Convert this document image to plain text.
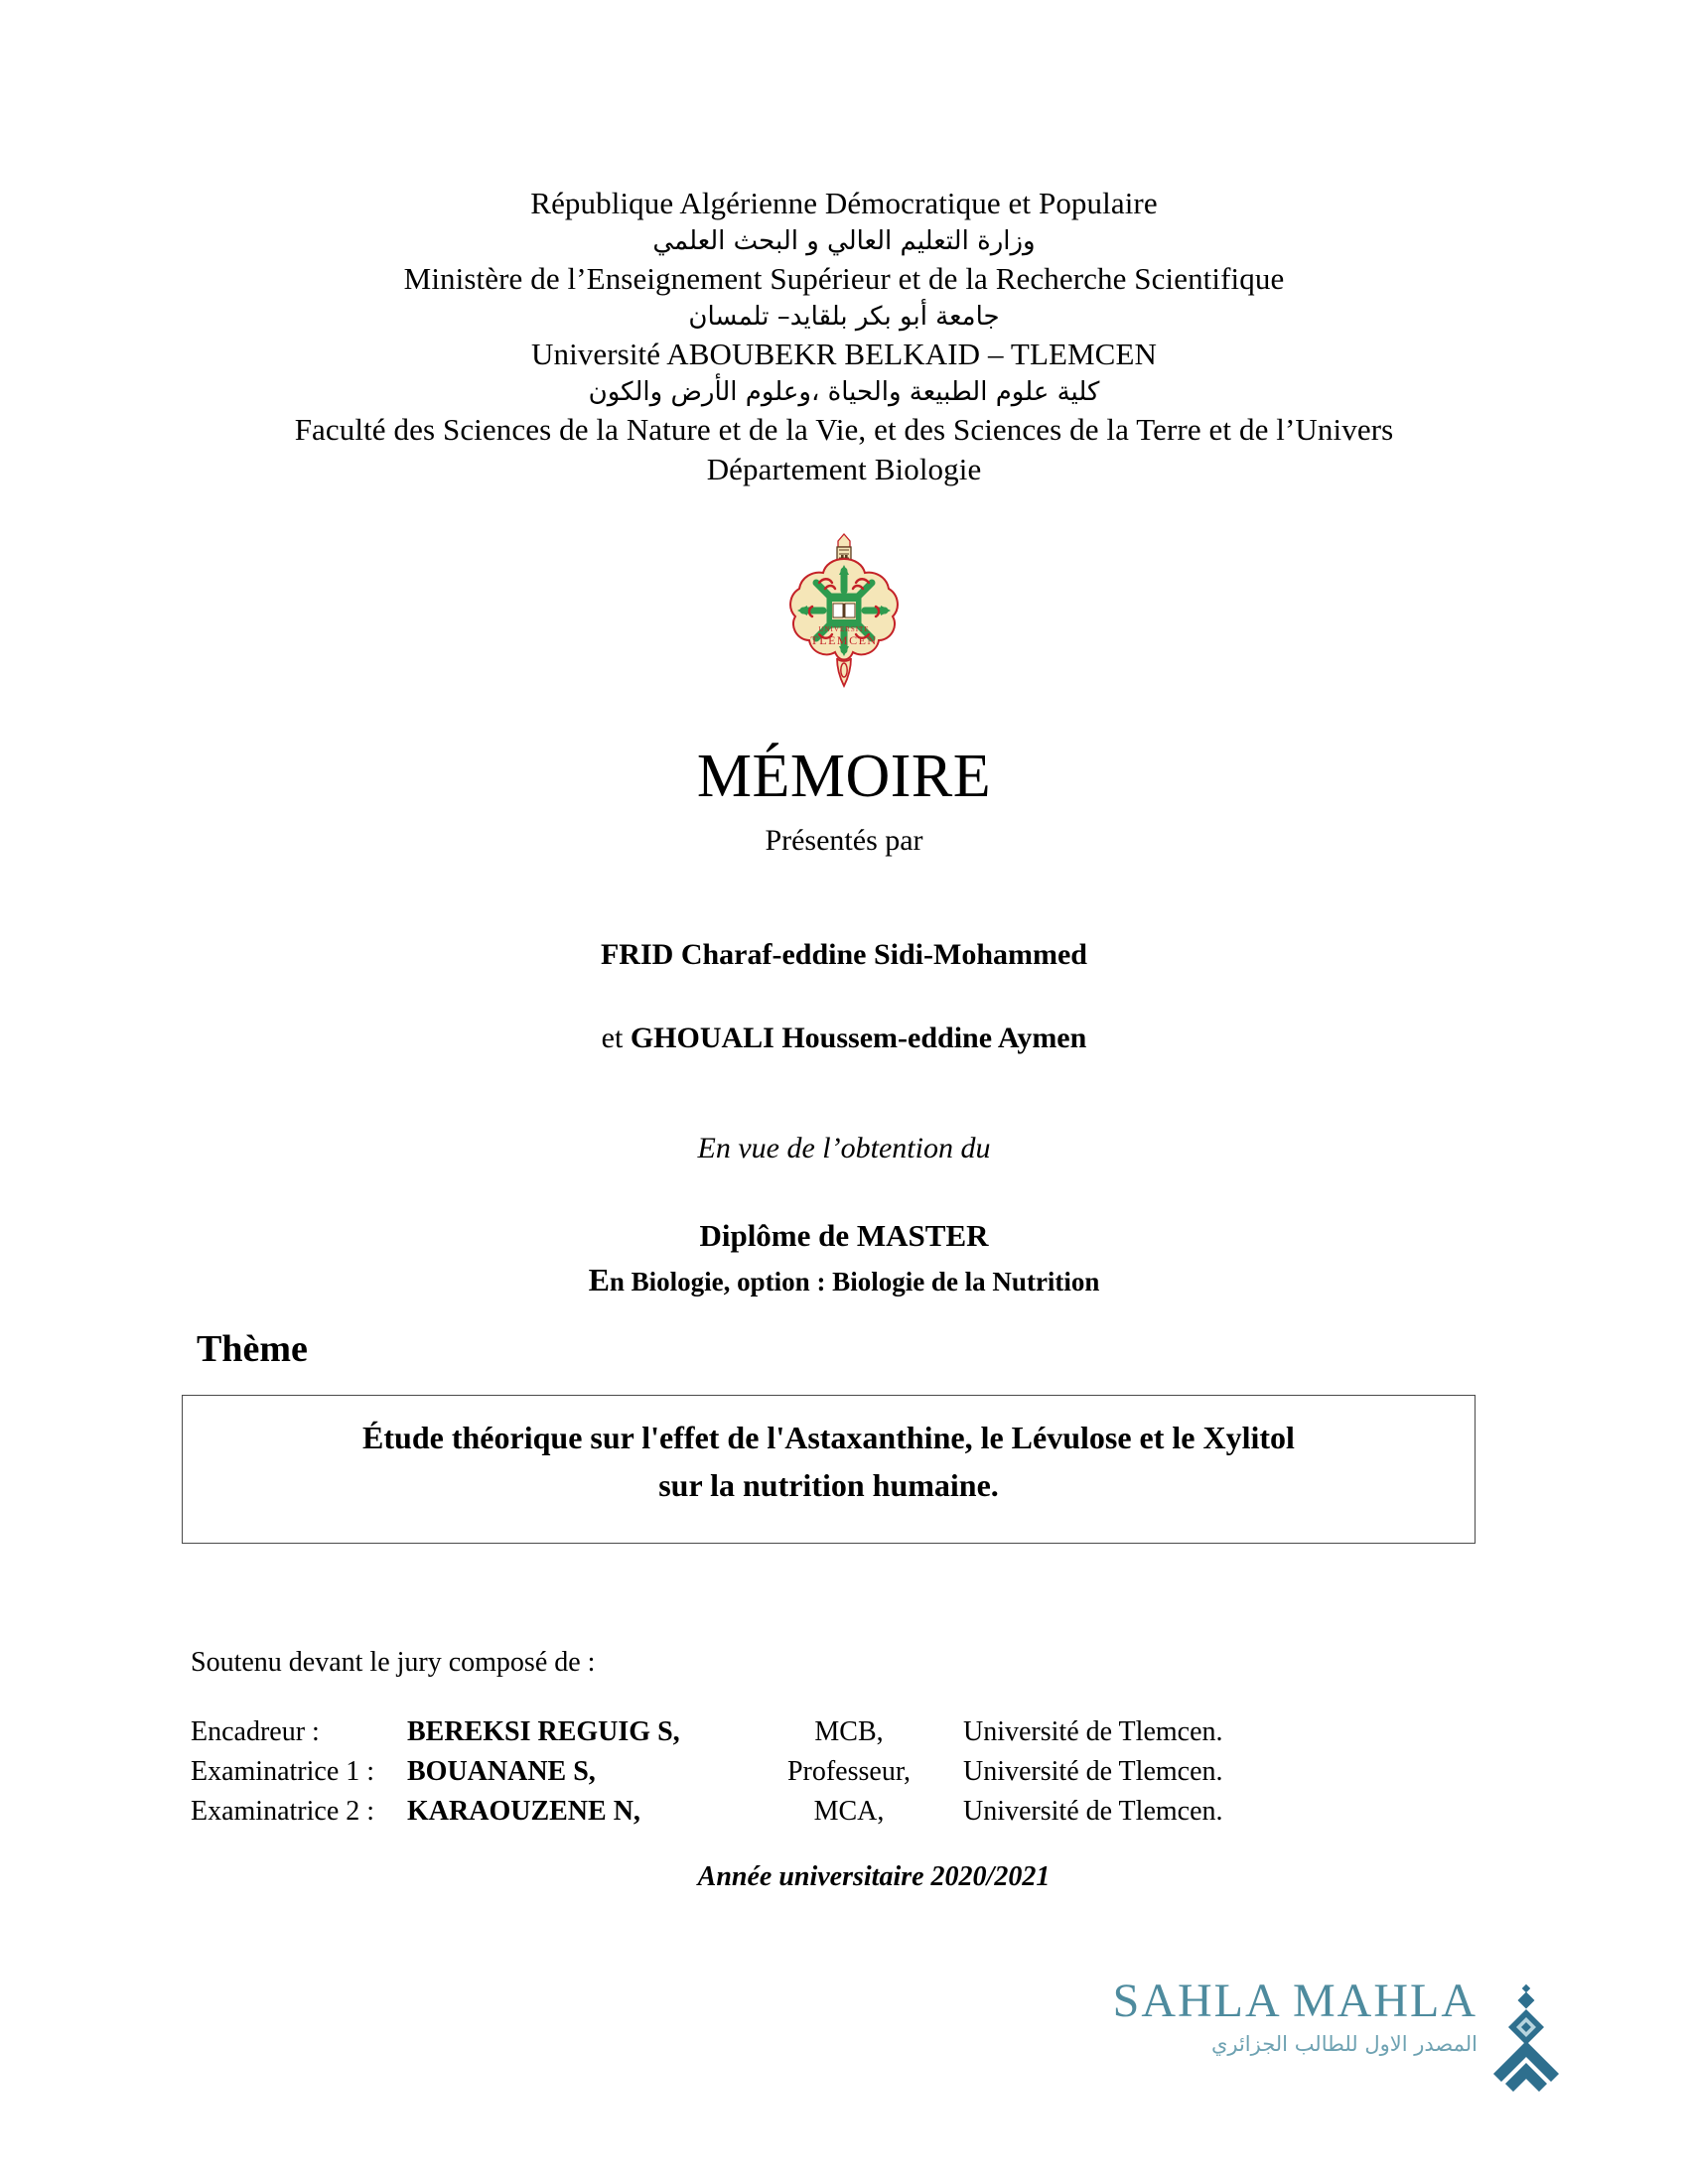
République Algérienne Démocratique et Populaire
وزارة التعليم العالي و البحث العلمي
Ministère de l’Enseignement Supérieur et de la Recherche Scientifique
جامعة أبو بكر بلقايد– تلمسان
Université ABOUBEKR BELKAID – TLEMCEN
كلية علوم الطبيعة والحياة ،وعلوم الأرض والكون
Faculté des Sciences de la Nature et de la Vie, et des Sciences de la Terre et de l’Univers
Département Biologie
UNIVERSITE
TLEMCEN
MÉMOIRE
Présentés par
FRID Charaf-eddine Sidi-Mohammed
et GHOUALI Houssem-eddine Aymen
En vue de l’obtention du
Diplôme de MASTER
En Biologie, option : Biologie de la Nutrition
Thème
Étude théorique sur l'effet de l'Astaxanthine, le Lévulose et le Xylitol
sur la nutrition humaine.
Soutenu devant le jury composé de :
Encadreur :	BEREKSI REGUIG S,	MCB,	Université de Tlemcen.
Examinatrice 1 :	BOUANANE S,	Professeur,	Université de Tlemcen.
Examinatrice 2 :	KARAOUZENE N,	MCA,	Université de Tlemcen.
Année universitaire 2020/2021
SAHLA MAHLA
المصدر الاول للطالب الجزائري
